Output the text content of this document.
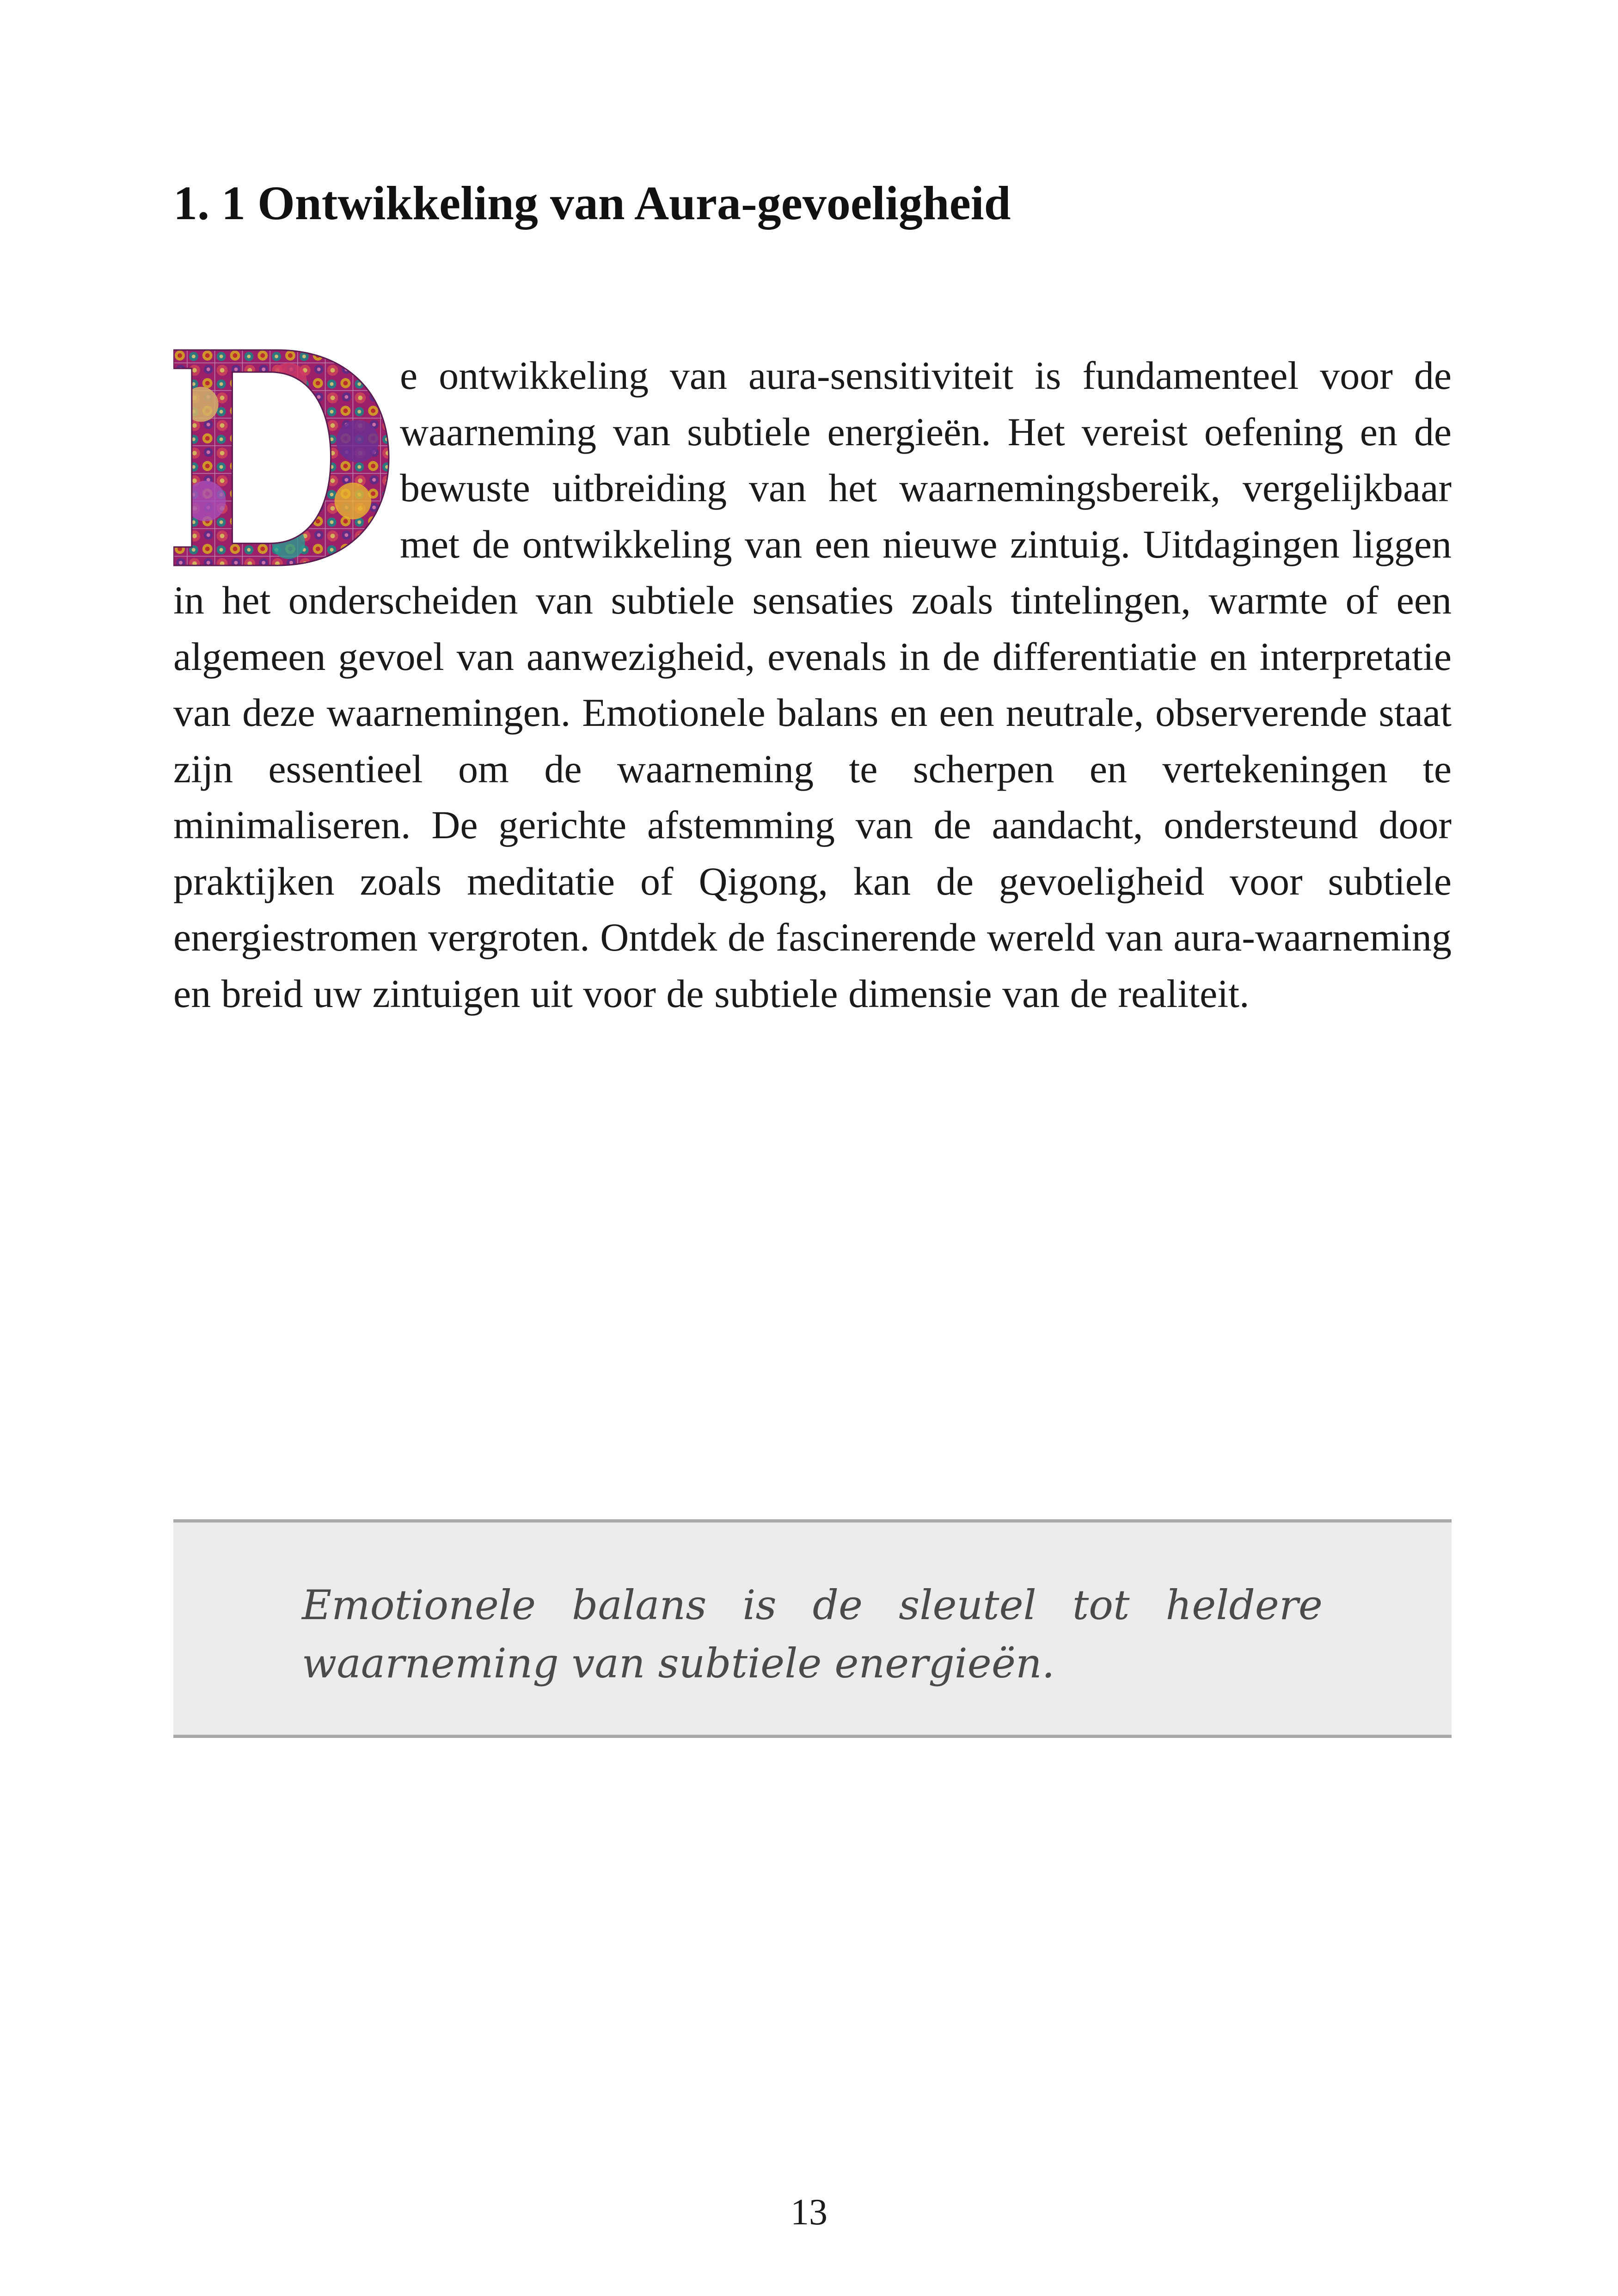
1. 1 Ontwikkeling van Aura-gevoeligheid

e ontwikkeling van aura-sensitiviteit is fundamenteel voor de waarneming van subtiele energieën. Het vereist oefening en de bewuste uitbreiding van het waarnemingsbereik, vergelijkbaar met de ontwikkeling van een nieuwe zintuig. Uitdagingen liggen in het onderscheiden van subtiele sensaties zoals tintelingen, warmte of een algemeen gevoel van aanwezigheid, evenals in de differentiatie en interpretatie van deze waarnemingen. Emotionele balans en een neutrale, observerende staat zijn essentieel om de waarneming te scherpen en vertekeningen te minimaliseren. De gerichte afstemming van de aandacht, ondersteund door praktijken zoals meditatie of Qigong, kan de gevoeligheid voor subtiele energiestromen vergroten. Ontdek de fascinerende wereld van aura-waarneming en breid uw zintuigen uit voor de subtiele dimensie van de realiteit.

Emotionele balans is de sleutel tot heldere waarneming van subtiele energieën.

13
